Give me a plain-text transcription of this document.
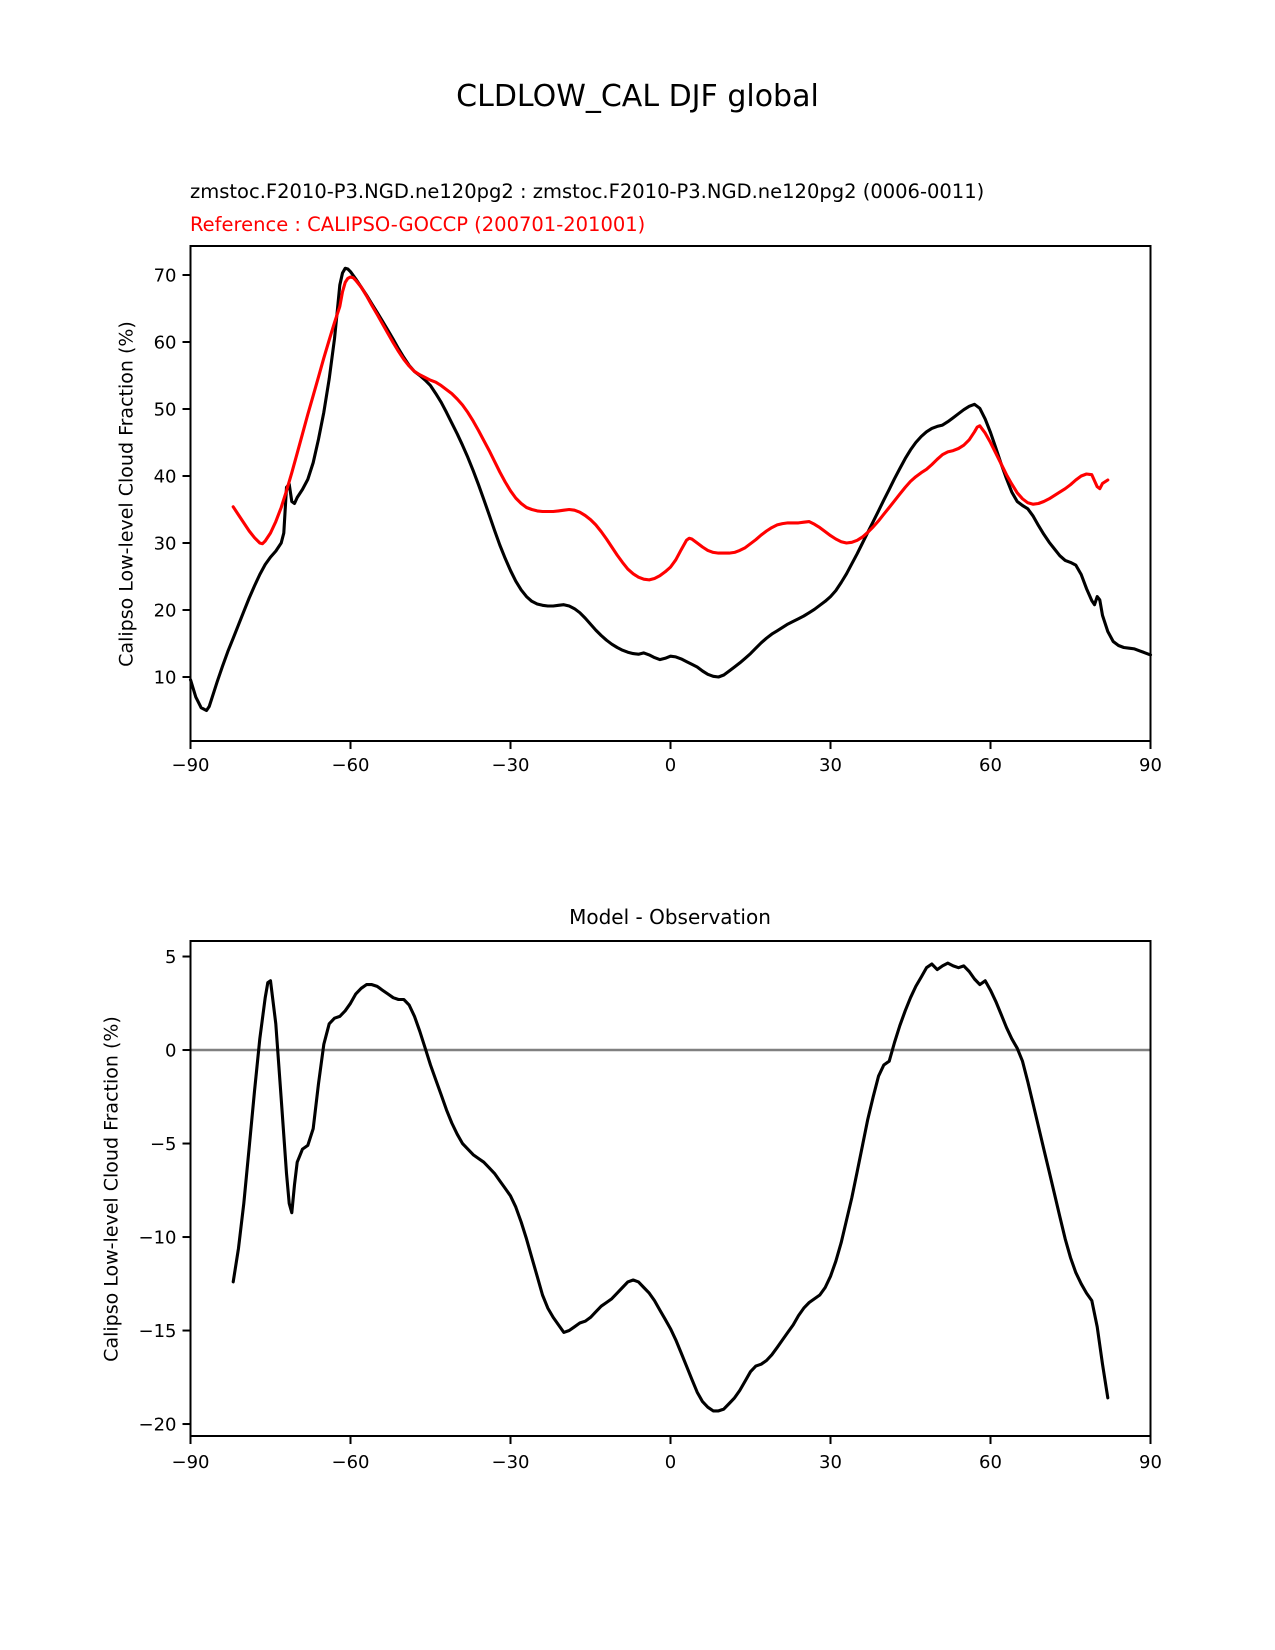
−90	−60	−30	0	30	60	90
10
20
30
40
50
60
70
−90	−60	−30	0	30	60	90
5
0
−5
−10
−15
−20
CLDLOW_CAL DJF global
zmstoc.F2010-P3.NGD.ne120pg2 : zmstoc.F2010-P3.NGD.ne120pg2 (0006-0011)
Reference : CALIPSO-GOCCP (200701-201001)
Calipso Low-level Cloud Fraction (%)
Model - Observation
Calipso Low-level Cloud Fraction (%)
